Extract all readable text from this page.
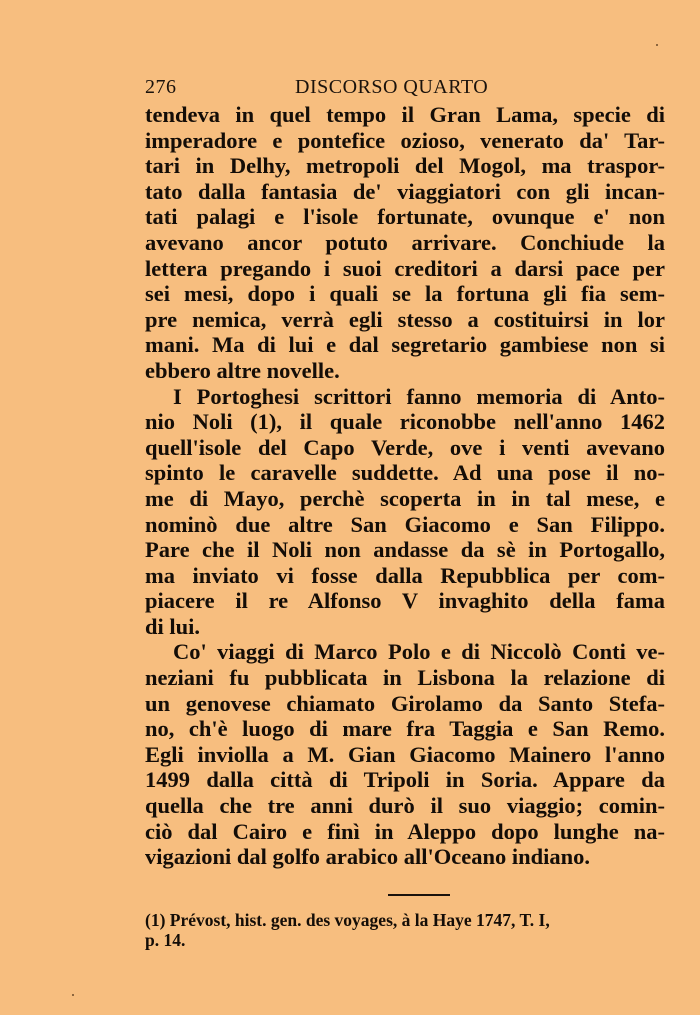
276	DISCORSO QUARTO
tendeva in quel tempo il Gran Lama, specie di
imperadore e pontefice ozioso, venerato da' Tar-
tari in Delhy, metropoli del Mogol, ma traspor-
tato dalla fantasia de' viaggiatori con gli incan-
tati palagi e l'isole fortunate, ovunque e' non
avevano ancor potuto arrivare. Conchiude la
lettera pregando i suoi creditori a darsi pace per
sei mesi, dopo i quali se la fortuna gli fia sem-
pre nemica, verrà egli stesso a costituirsi in lor
mani. Ma di lui e dal segretario gambiese non si
ebbero altre novelle.
I Portoghesi scrittori fanno memoria di Anto-
nio Noli (1), il quale riconobbe nell'anno 1462
quell'isole del Capo Verde, ove i venti avevano
spinto le caravelle suddette. Ad una pose il no-
me di Mayo, perchè scoperta in in tal mese, e
nominò due altre San Giacomo e San Filippo.
Pare che il Noli non andasse da sè in Portogallo,
ma inviato vi fosse dalla Repubblica per com-
piacere il re Alfonso V invaghito della fama
di lui.
Co' viaggi di Marco Polo e di Niccolò Conti ve-
neziani fu pubblicata in Lisbona la relazione di
un genovese chiamato Girolamo da Santo Stefa-
no, ch'è luogo di mare fra Taggia e San Remo.
Egli inviolla a M. Gian Giacomo Mainero l'anno
1499 dalla città di Tripoli in Soria. Appare da
quella che tre anni durò il suo viaggio; comin-
ciò dal Cairo e finì in Aleppo dopo lunghe na-
vigazioni dal golfo arabico all'Oceano indiano.
(1) Prévost, hist. gen. des voyages, à la Haye 1747, T. I,
p. 14.
